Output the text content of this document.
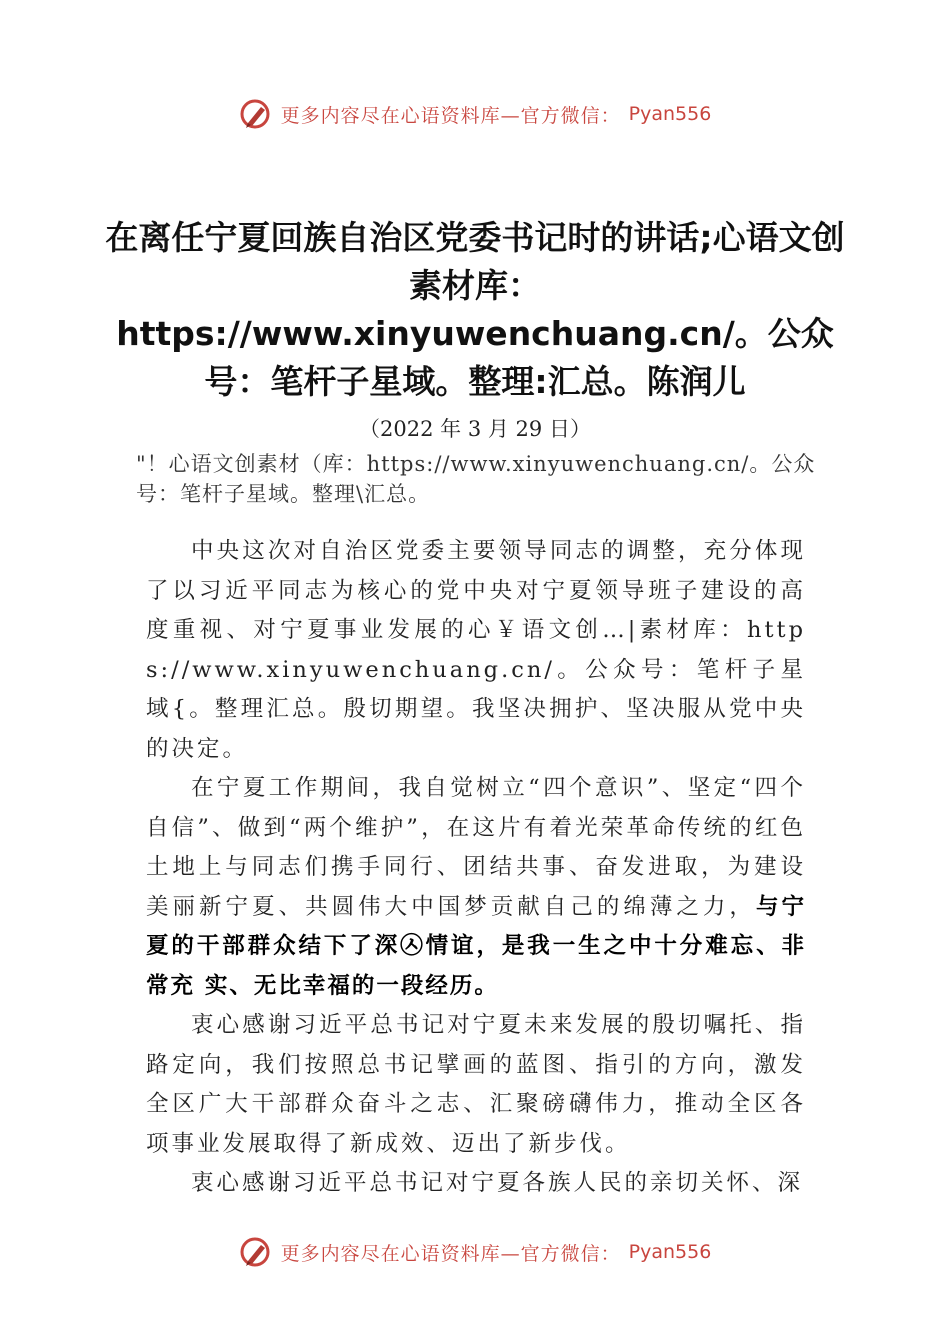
更多内容尽在心语资料库—官方微信： Pyan556
在离任宁夏回族自治区党委书记时的讲话;心语文创素材库：https://www.xinyuwenchuang.cn/。公众号：笔杆子星域。整理:汇总。陈润儿
（2022 年 3 月 29 日）
"！心语文创素材（库：https://www.xinyuwenchuang.cn/。公众号：笔杆子星域。整理\汇总。

中央这次对自治区党委主要领导同志的调整，充分体现了以习近平同志为核心的党中央对宁夏领导班子建设的高度重视、对宁夏事业发展的心￥语文创…|素材库：https://www.xinyuwenchuang.cn/。公众号：笔杆子星域{。整理汇总。殷切期望。我坚决拥护、坚决服从党中央的决定。

在宁夏工作期间，我自觉树立“四个意识”、坚定“四个自信”、做到“两个维护”，在这片有着光荣革命传统的红色土地上与同志们携手同行、团结共事、奋发进取，为建设美丽新宁夏、共圆伟大中国梦贡献自己的绵薄之力，与宁夏的干部群众结下了深㉦情谊，是我一生之中十分难忘、非常充 实、无比幸福的一段经历。

衷心感谢习近平总书记对宁夏未来发展的殷切嘱托、指路定向，我们按照总书记擘画的蓝图、指引的方向，激发全区广大干部群众奋斗之志、汇聚磅礴伟力，推动全区各项事业发展取得了新成效、迈出了新步伐。

衷心感谢习近平总书记对宁夏各族人民的亲切关怀、深

更多内容尽在心语资料库—官方微信： Pyan556
